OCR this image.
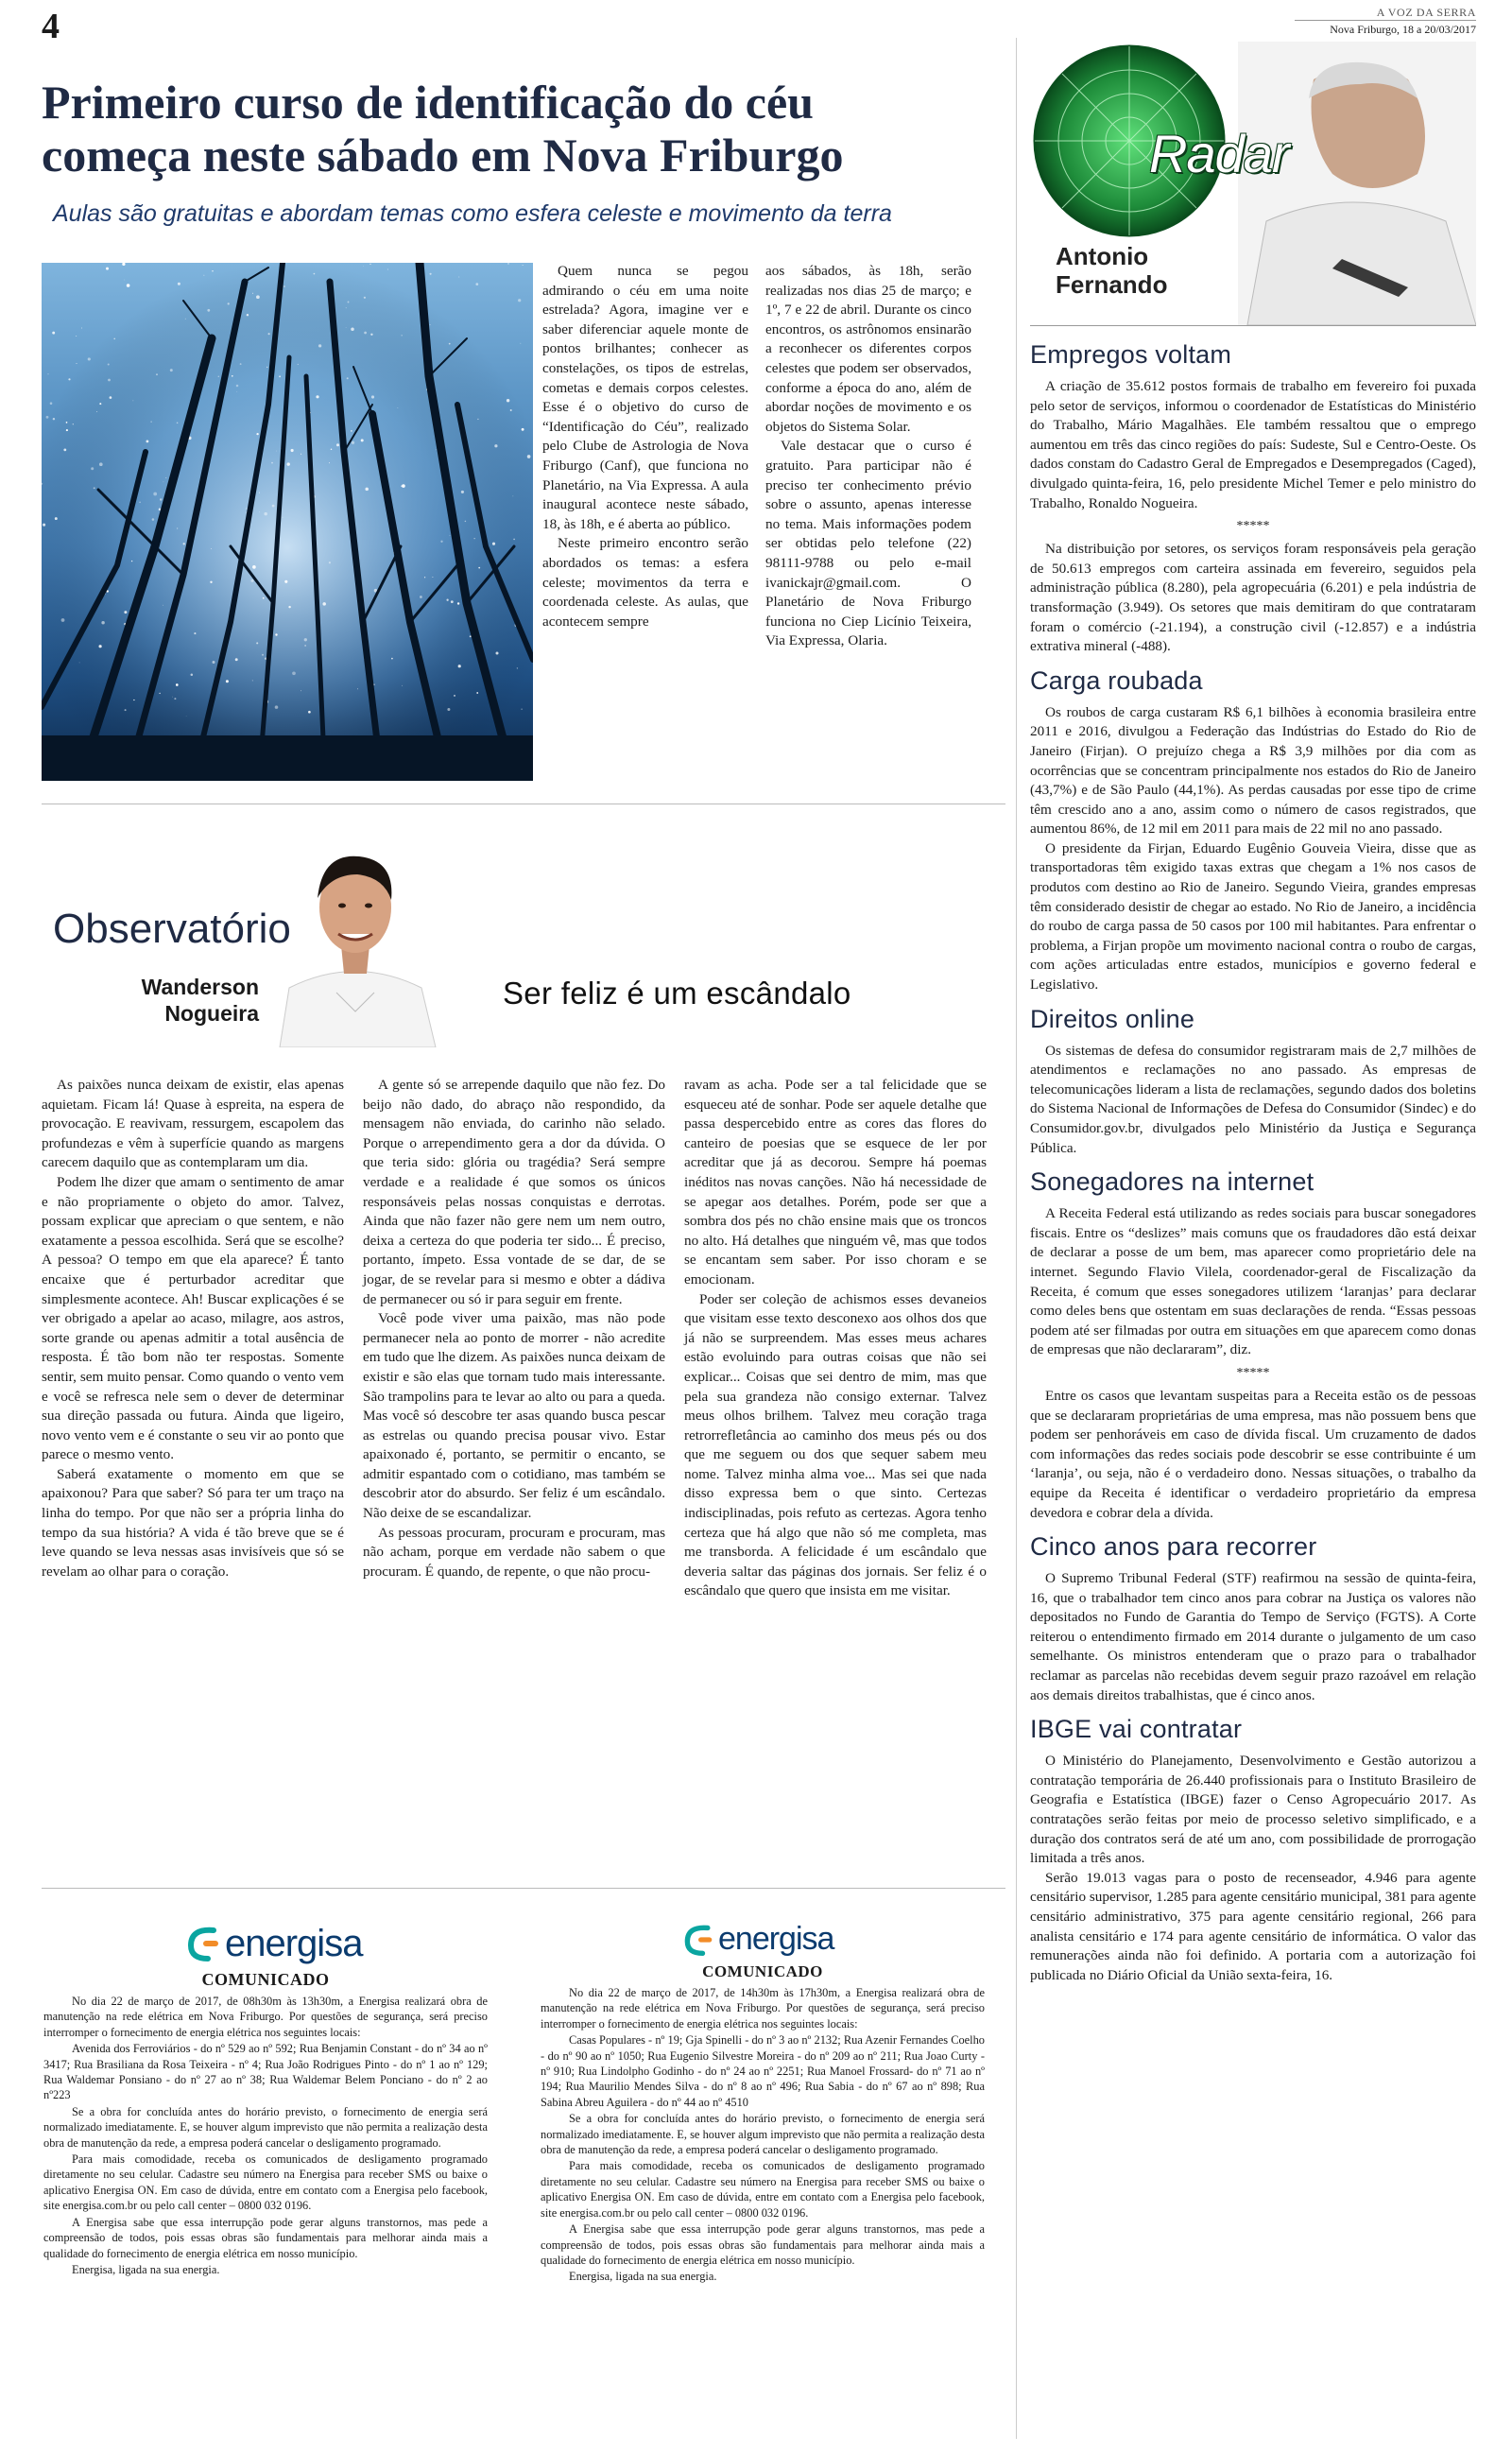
4	A VOZ DA SERRA
Nova Friburgo, 18 a 20/03/2017
Primeiro curso de identificação do céu
começa neste sábado em Nova Friburgo
Aulas são gratuitas e abordam temas como esfera celeste e movimento da terra

Quem nunca se pegou admirando o céu em uma noite estrelada? Agora, imagine ver e saber diferenciar aquele monte de pontos brilhantes; conhecer as constelações, os tipos de estrelas, cometas e demais corpos celestes. Esse é o objetivo do curso de “Identificação do Céu”, realizado pelo Clube de Astrologia de Nova Friburgo (Canf), que funciona no Planetário, na Via Expressa. A aula inaugural acontece neste sábado, 18, às 18h, e é aberta ao público.

Neste primeiro encontro serão abordados os temas: a esfera celeste; movimentos da terra e coordenada celeste. As aulas, que acontecem sempre

aos sábados, às 18h, serão realizadas nos dias 25 de março; e 1º, 7 e 22 de abril. Durante os cinco encontros, os astrônomos ensinarão a reconhecer os diferentes corpos celestes que podem ser observados, conforme a época do ano, além de abordar noções de movimento e os objetos do Sistema Solar.

Vale destacar que o curso é gratuito. Para participar não é preciso ter conhecimento prévio sobre o assunto, apenas interesse no tema. Mais informações podem ser obtidas pelo telefone (22) 98111-9788 ou pelo e-mail ivanickajr@gmail.com. O Planetário de Nova Friburgo funciona no Ciep Licínio Teixeira, Via Expressa, Olaria.

Observatório
Wanderson
Nogueira
Ser feliz é um escândalo

As paixões nunca deixam de existir, elas apenas aquietam. Ficam lá! Quase à espreita, na espera de provocação. E reavivam, ressurgem, escapolem das profundezas e vêm à superfície quando as margens carecem daquilo que as contemplaram um dia.

Podem lhe dizer que amam o sentimento de amar e não propriamente o objeto do amor. Talvez, possam explicar que apreciam o que sentem, e não exatamente a pessoa escolhida. Será que se escolhe? A pessoa? O tempo em que ela aparece? É tanto encaixe que é perturbador acreditar que simplesmente acontece. Ah! Buscar explicações é se ver obrigado a apelar ao acaso, milagre, aos astros, sorte grande ou apenas admitir a total ausência de resposta. É tão bom não ter respostas. Somente sentir, sem muito pensar. Como quando o vento vem e você se refresca nele sem o dever de determinar sua direção passada ou futura. Ainda que ligeiro, novo vento vem e é constante o seu vir ao ponto que parece o mesmo vento.

Saberá exatamente o momento em que se apaixonou? Para que saber? Só para ter um traço na linha do tempo. Por que não ser a própria linha do tempo da sua história? A vida é tão breve que se é leve quando se leva nessas asas invisíveis que só se revelam ao olhar para o coração.

A gente só se arrepende daquilo que não fez. Do beijo não dado, do abraço não respondido, da mensagem não enviada, do carinho não selado. Porque o arrependimento gera a dor da dúvida. O que teria sido: glória ou tragédia? Será sempre verdade e a realidade é que somos os únicos responsáveis pelas nossas conquistas e derrotas. Ainda que não fazer não gere nem um nem outro, deixa a certeza do que poderia ter sido... É preciso, portanto, ímpeto. Essa vontade de se dar, de se jogar, de se revelar para si mesmo e obter a dádiva de permanecer ou só ir para seguir em frente.

Você pode viver uma paixão, mas não pode permanecer nela ao ponto de morrer - não acredite em tudo que lhe dizem. As paixões nunca deixam de existir e são elas que tornam tudo mais interessante. São trampolins para te levar ao alto ou para a queda. Mas você só descobre ter asas quando busca pescar as estrelas ou quando precisa pousar vivo. Estar apaixonado é, portanto, se permitir o encanto, se admitir espantado com o cotidiano, mas também se descobrir ator do absurdo. Ser feliz é um escândalo. Não deixe de se escandalizar.

As pessoas procuram, procuram e procuram, mas não acham, porque em verdade não sabem o que procuram. É quando, de repente, o que não procu-

ravam as acha. Pode ser a tal felicidade que se esqueceu até de sonhar. Pode ser aquele detalhe que passa despercebido entre as cores das flores do canteiro de poesias que se esquece de ler por acreditar que já as decorou. Sempre há poemas inéditos nas novas canções. Não há necessidade de se apegar aos detalhes. Porém, pode ser que a sombra dos pés no chão ensine mais que os troncos no alto. Há detalhes que ninguém vê, mas que todos se encantam sem saber. Por isso choram e se emocionam.

Poder ser coleção de achismos esses devaneios que visitam esse texto desconexo aos olhos dos que já não se surpreendem. Mas esses meus achares estão evoluindo para outras coisas que não sei explicar... Coisas que sei dentro de mim, mas que pela sua grandeza não consigo externar. Talvez meus olhos brilhem. Talvez meu coração traga retrorrefletância ao caminho dos meus pés ou dos que me seguem ou dos que sequer sabem meu nome. Talvez minha alma voe... Mas sei que nada disso expressa bem o que sinto. Certezas indisciplinadas, pois refuto as certezas. Agora tenho certeza que há algo que não só me completa, mas me transborda. A felicidade é um escândalo que deveria saltar das páginas dos jornais. Ser feliz é o escândalo que quero que insista em me visitar.

energisa
COMUNICADO

No dia 22 de março de 2017, de 08h30m às 13h30m, a Energisa realizará obra de manutenção na rede elétrica em Nova Friburgo. Por questões de segurança, será preciso interromper o fornecimento de energia elétrica nos seguintes locais:

Avenida dos Ferroviários - do nº 529 ao nº 592; Rua Benjamin Constant - do nº 34 ao nº 3417; Rua Brasiliana da Rosa Teixeira - nº 4; Rua João Rodrigues Pinto - do nº 1 ao nº 129; Rua Waldemar Ponsiano - do nº 27 ao nº 38; Rua Waldemar Belem Ponciano - do nº 2 ao nº223

Se a obra for concluída antes do horário previsto, o fornecimento de energia será normalizado imediatamente. E, se houver algum imprevisto que não permita a realização desta obra de manutenção da rede, a empresa poderá cancelar o desligamento programado.

Para mais comodidade, receba os comunicados de desligamento programado diretamente no seu celular. Cadastre seu número na Energisa para receber SMS ou baixe o aplicativo Energisa ON. Em caso de dúvida, entre em contato com a Energisa pelo facebook, site energisa.com.br ou pelo call center – 0800 032 0196.

A Energisa sabe que essa interrupção pode gerar alguns transtornos, mas pede a compreensão de todos, pois essas obras são fundamentais para melhorar ainda mais a qualidade do fornecimento de energia elétrica em nosso município.

Energisa, ligada na sua energia.

energisa
COMUNICADO

No dia 22 de março de 2017, de 14h30m às 17h30m, a Energisa realizará obra de manutenção na rede elétrica em Nova Friburgo. Por questões de segurança, será preciso interromper o fornecimento de energia elétrica nos seguintes locais:

Casas Populares - nº 19; Gja Spinelli - do nº 3 ao nº 2132; Rua Azenir Fernandes Coelho - do nº 90 ao nº 1050; Rua Eugenio Silvestre Moreira - do nº 209 ao nº 211; Rua Joao Curty - nº 910; Rua Lindolpho Godinho - do nº 24 ao nº 2251; Rua Manoel Frossard- do nº 71 ao nº 194; Rua Maurilio Mendes Silva - do nº 8 ao nº 496; Rua Sabia - do nº 67 ao nº 898; Rua Sabina Abreu Aguilera - do nº 44 ao nº 4510

Se a obra for concluída antes do horário previsto, o fornecimento de energia será normalizado imediatamente. E, se houver algum imprevisto que não permita a realização desta obra de manutenção da rede, a empresa poderá cancelar o desligamento programado.

Para mais comodidade, receba os comunicados de desligamento programado diretamente no seu celular. Cadastre seu número na Energisa para receber SMS ou baixe o aplicativo Energisa ON. Em caso de dúvida, entre em contato com a Energisa pelo facebook, site energisa.com.br ou pelo call center – 0800 032 0196.

A Energisa sabe que essa interrupção pode gerar alguns transtornos, mas pede a compreensão de todos, pois essas obras são fundamentais para melhorar ainda mais a qualidade do fornecimento de energia elétrica em nosso município.

Energisa, ligada na sua energia.

Radar
Antonio
Fernando
Empregos voltam

A criação de 35.612 postos formais de trabalho em fevereiro foi puxada pelo setor de serviços, informou o coordenador de Estatísticas do Ministério do Trabalho, Mário Magalhães. Ele também ressaltou que o emprego aumentou em três das cinco regiões do país: Sudeste, Sul e Centro-Oeste. Os dados constam do Cadastro Geral de Empregados e Desempregados (Caged), divulgado quinta-feira, 16, pelo presidente Michel Temer e pelo ministro do Trabalho, Ronaldo Nogueira.

*****

Na distribuição por setores, os serviços foram responsáveis pela geração de 50.613 empregos com carteira assinada em fevereiro, seguidos pela administração pública (8.280), pela agropecuária (6.201) e pela indústria de transformação (3.949). Os setores que mais demitiram do que contrataram foram o comércio (-21.194), a construção civil (-12.857) e a indústria extrativa mineral (-488).

Carga roubada

Os roubos de carga custaram R$ 6,1 bilhões à economia brasileira entre 2011 e 2016, divulgou a Federação das Indústrias do Estado do Rio de Janeiro (Firjan). O prejuízo chega a R$ 3,9 milhões por dia com as ocorrências que se concentram principalmente nos estados do Rio de Janeiro (43,7%) e de São Paulo (44,1%). As perdas causadas por esse tipo de crime têm crescido ano a ano, assim como o número de casos registrados, que aumentou 86%, de 12 mil em 2011 para mais de 22 mil no ano passado.

O presidente da Firjan, Eduardo Eugênio Gouveia Vieira, disse que as transportadoras têm exigido taxas extras que chegam a 1% nos casos de produtos com destino ao Rio de Janeiro. Segundo Vieira, grandes empresas têm considerado desistir de chegar ao estado. No Rio de Janeiro, a incidência do roubo de carga passa de 50 casos por 100 mil habitantes. Para enfrentar o problema, a Firjan propõe um movimento nacional contra o roubo de cargas, com ações articuladas entre estados, municípios e governo federal e Legislativo.

Direitos online

Os sistemas de defesa do consumidor registraram mais de 2,7 milhões de atendimentos e reclamações no ano passado. As empresas de telecomunicações lideram a lista de reclamações, segundo dados dos boletins do Sistema Nacional de Informações de Defesa do Consumidor (Sindec) e do Consumidor.gov.br, divulgados pelo Ministério da Justiça e Segurança Pública.

Sonegadores na internet

A Receita Federal está utilizando as redes sociais para buscar sonegadores fiscais. Entre os “deslizes” mais comuns que os fraudadores dão está deixar de declarar a posse de um bem, mas aparecer como proprietário dele na internet. Segundo Flavio Vilela, coordenador-geral de Fiscalização da Receita, é comum que esses sonegadores utilizem ‘laranjas’ para declarar como deles bens que ostentam em suas declarações de renda. “Essas pessoas podem até ser filmadas por outra em situações em que aparecem como donas de empresas que não declararam”, diz.

*****

Entre os casos que levantam suspeitas para a Receita estão os de pessoas que se declararam proprietárias de uma empresa, mas não possuem bens que podem ser penhoráveis em caso de dívida fiscal. Um cruzamento de dados com informações das redes sociais pode descobrir se esse contribuinte é um ‘laranja’, ou seja, não é o verdadeiro dono. Nessas situações, o trabalho da equipe da Receita é identificar o verdadeiro proprietário da empresa devedora e cobrar dela a dívida.

Cinco anos para recorrer

O Supremo Tribunal Federal (STF) reafirmou na sessão de quinta-feira, 16, que o trabalhador tem cinco anos para cobrar na Justiça os valores não depositados no Fundo de Garantia do Tempo de Serviço (FGTS). A Corte reiterou o entendimento firmado em 2014 durante o julgamento de um caso semelhante. Os ministros entenderam que o prazo para o trabalhador reclamar as parcelas não recebidas devem seguir prazo razoável em relação aos demais direitos trabalhistas, que é cinco anos.

IBGE vai contratar

O Ministério do Planejamento, Desenvolvimento e Gestão autorizou a contratação temporária de 26.440 profissionais para o Instituto Brasileiro de Geografia e Estatística (IBGE) fazer o Censo Agropecuário 2017. As contratações serão feitas por meio de processo seletivo simplificado, e a duração dos contratos será de até um ano, com possibilidade de prorrogação limitada a três anos.

Serão 19.013 vagas para o posto de recenseador, 4.946 para agente censitário supervisor, 1.285 para agente censitário municipal, 381 para agente censitário administrativo, 375 para agente censitário regional, 266 para analista censitário e 174 para agente censitário de informática. O valor das remunerações ainda não foi definido. A portaria com a autorização foi publicada no Diário Oficial da União sexta-feira, 16.
